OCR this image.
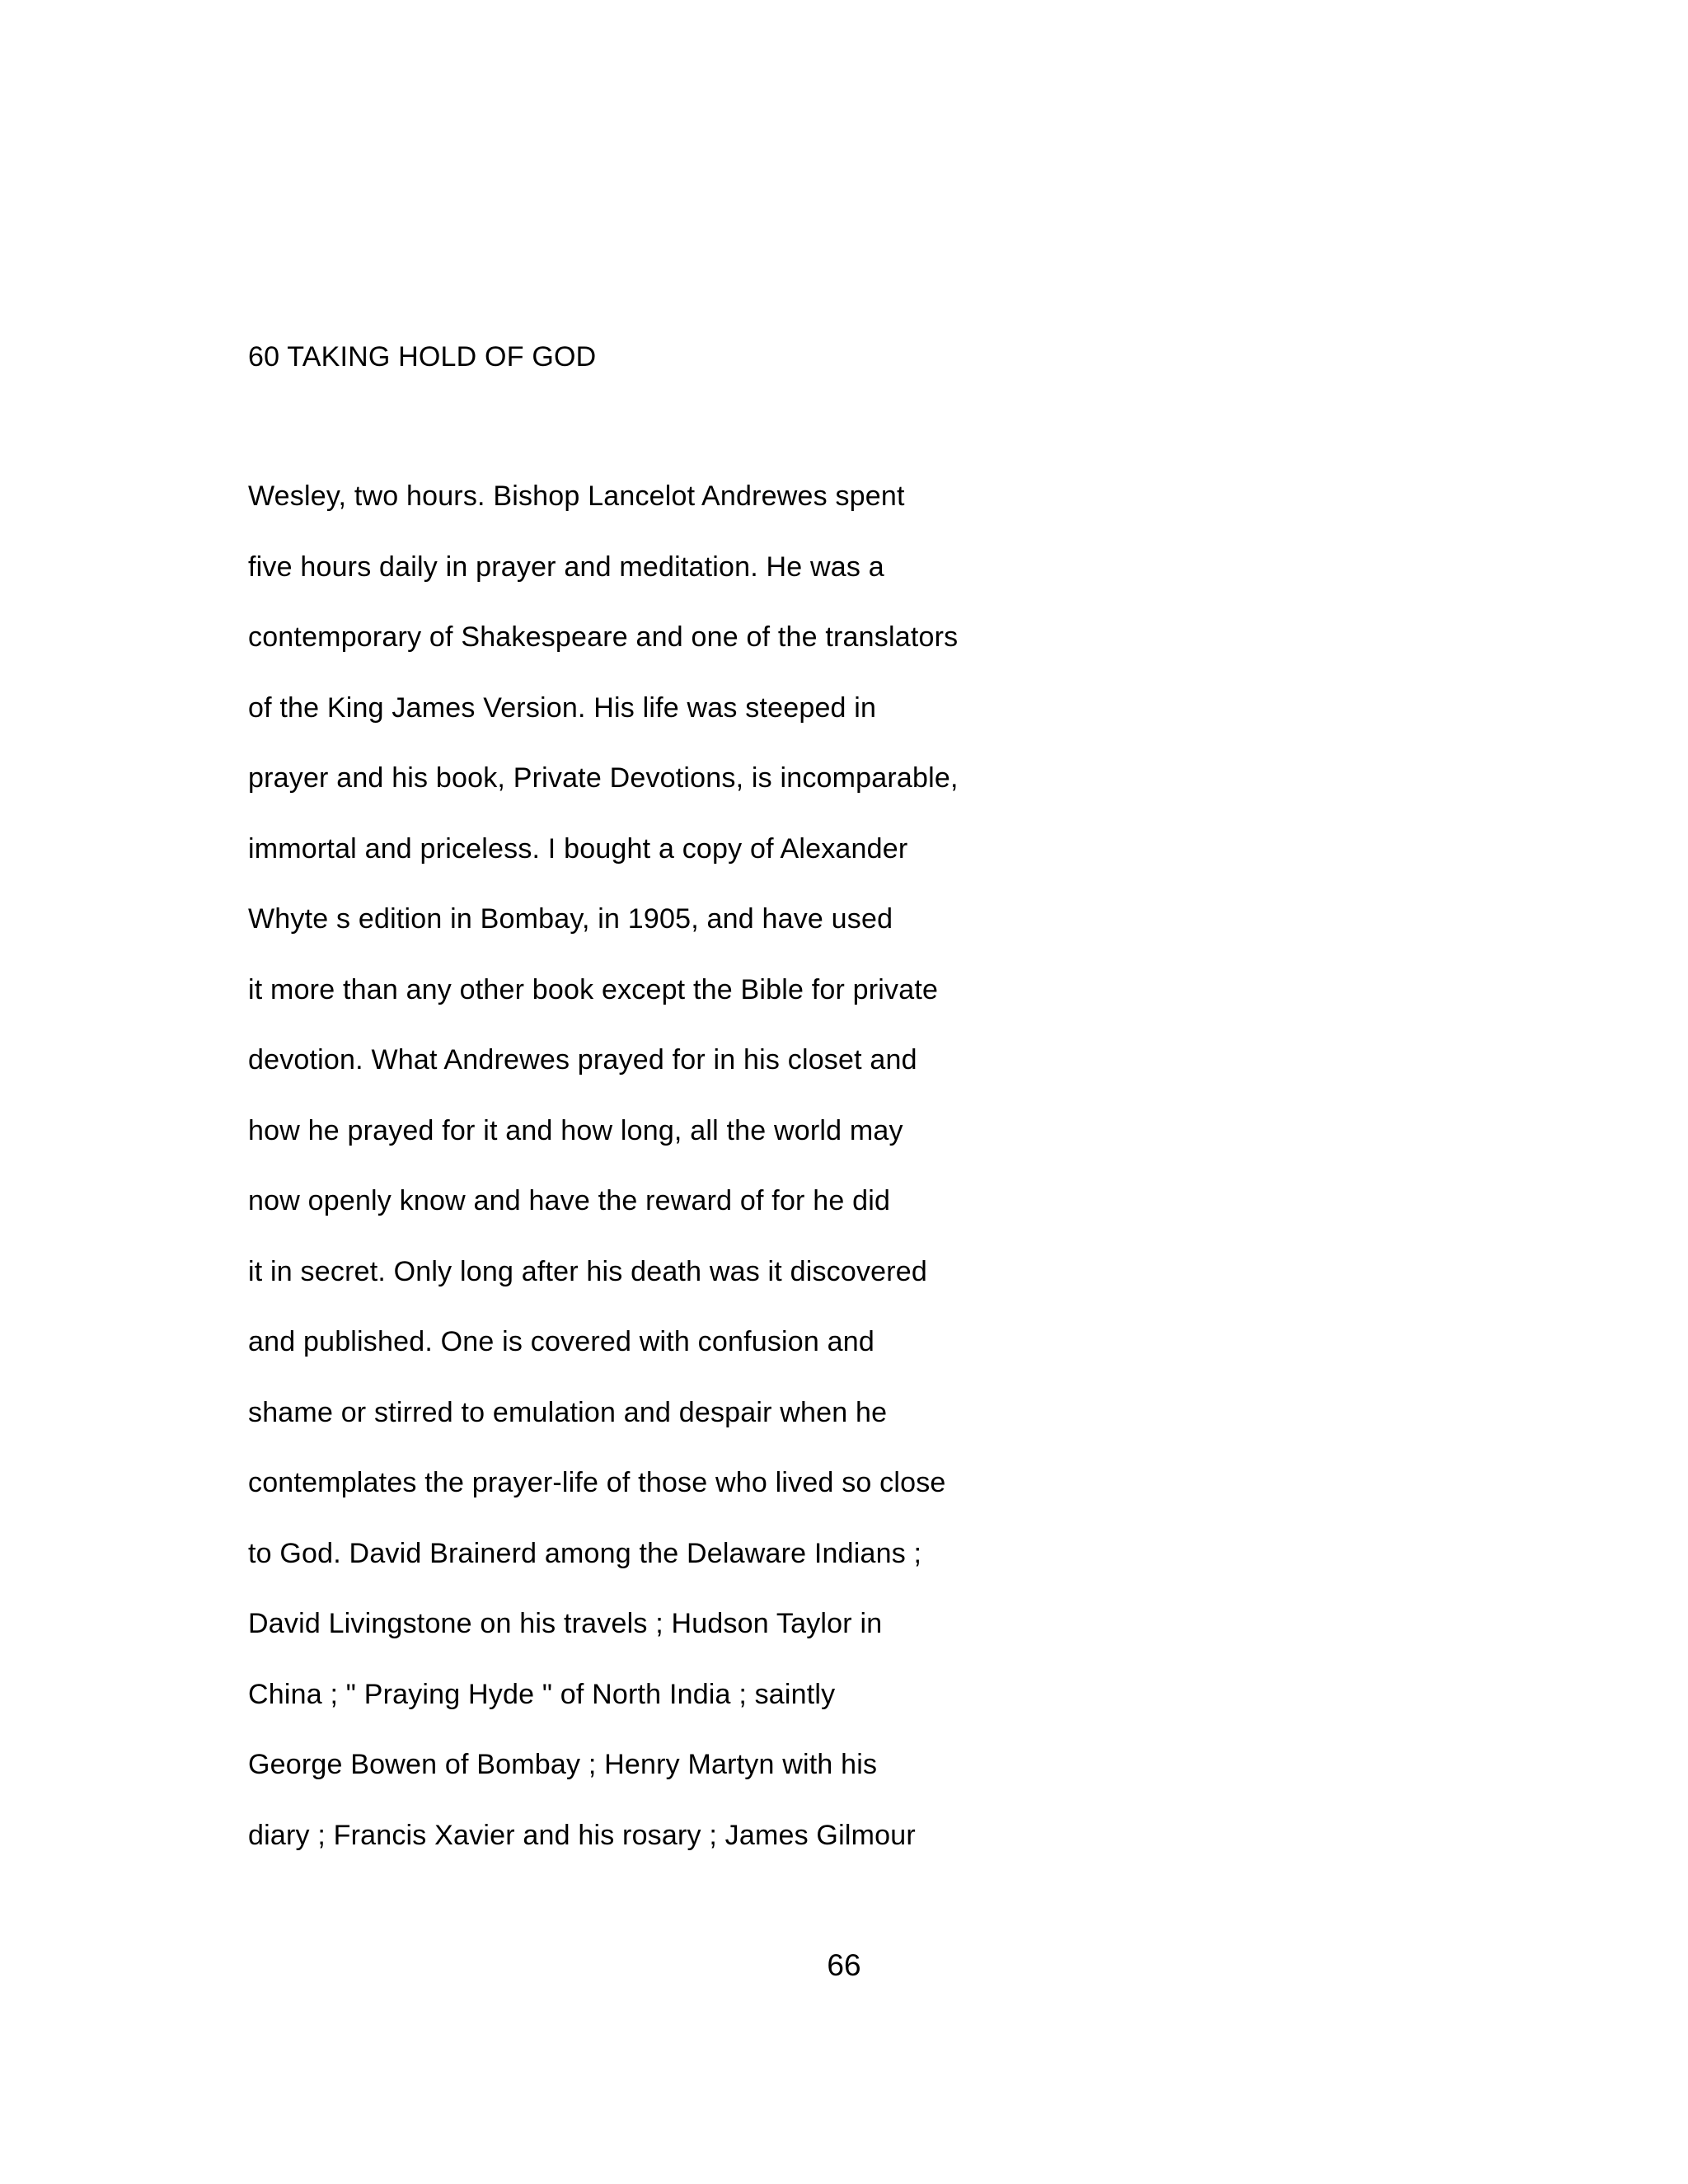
60 TAKING HOLD OF GOD
Wesley, two hours. Bishop Lancelot Andrewes spent
five hours daily in prayer and meditation. He was a
contemporary of Shakespeare and one of the translators
of the King James Version. His life was steeped in
prayer and his book, Private Devotions, is incomparable,
immortal and priceless. I bought a copy of Alexander
Whyte s edition in Bombay, in 1905, and have used
it more than any other book except the Bible for private
devotion. What Andrewes prayed for in his closet and
how he prayed for it and how long, all the world may
now openly know and have the reward of for he did
it in secret. Only long after his death was it discovered
and published. One is covered with confusion and
shame or stirred to emulation and despair when he
contemplates the prayer-life of those who lived so close
to God. David Brainerd among the Delaware Indians ;
David Livingstone on his travels ; Hudson Taylor in
China ; " Praying Hyde " of North India ; saintly
George Bowen of Bombay ; Henry Martyn with his
diary ; Francis Xavier and his rosary ; James Gilmour
66
